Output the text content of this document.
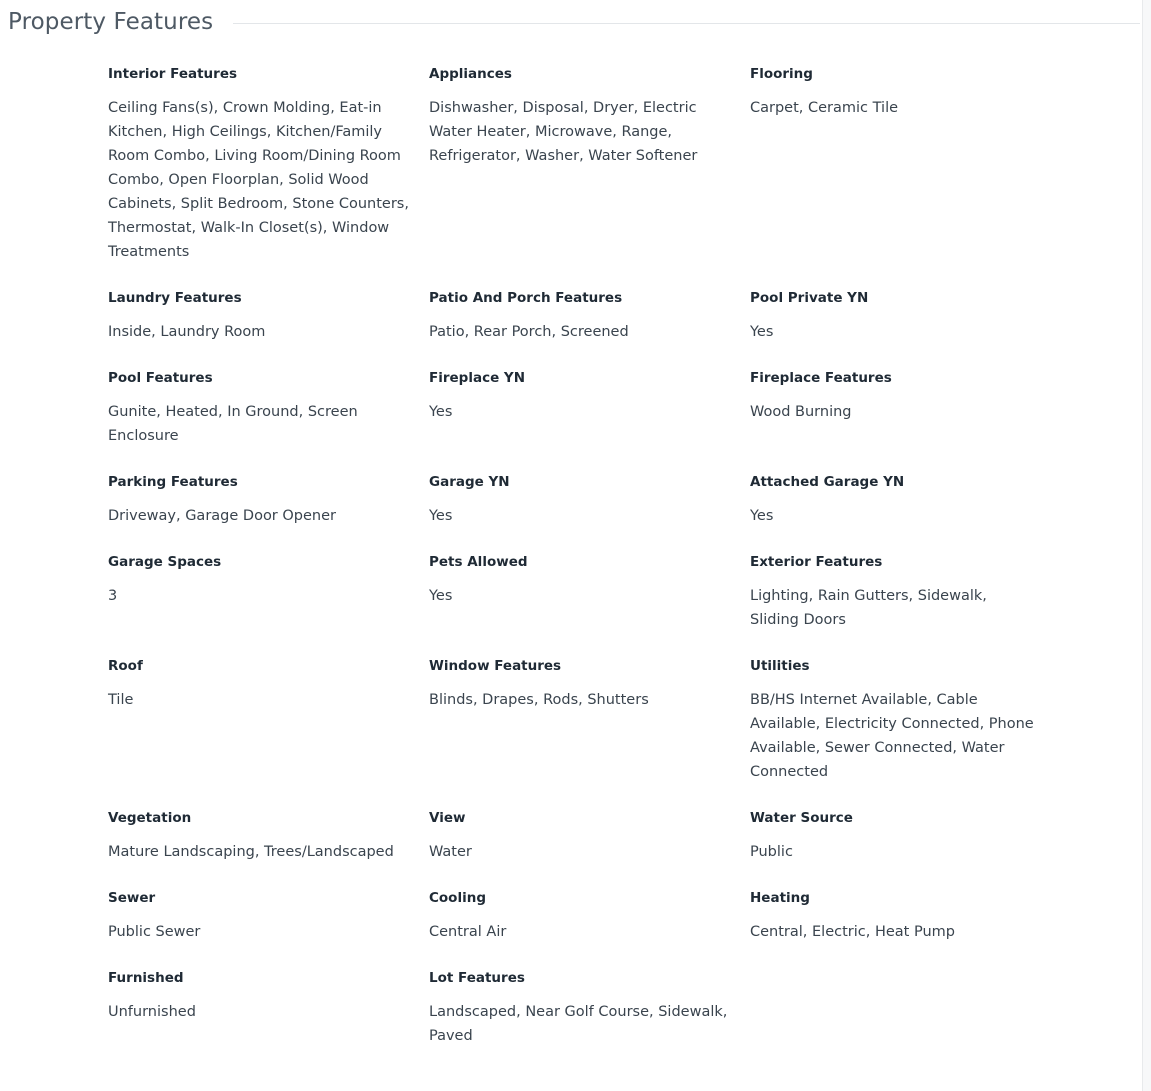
Property Features
Interior Features
Ceiling Fans(s), Crown Molding, Eat-in Kitchen, High Ceilings, Kitchen/Family Room Combo, Living Room/Dining Room Combo, Open Floorplan, Solid Wood Cabinets, Split Bedroom, Stone Counters, Thermostat, Walk-In Closet(s), Window Treatments
Appliances
Dishwasher, Disposal, Dryer, Electric Water Heater, Microwave, Range, Refrigerator, Washer, Water Softener
Flooring
Carpet, Ceramic Tile
Laundry Features
Inside, Laundry Room
Patio And Porch Features
Patio, Rear Porch, Screened
Pool Private YN
Yes
Pool Features
Gunite, Heated, In Ground, Screen Enclosure
Fireplace YN
Yes
Fireplace Features
Wood Burning
Parking Features
Driveway, Garage Door Opener
Garage YN
Yes
Attached Garage YN
Yes
Garage Spaces
3
Pets Allowed
Yes
Exterior Features
Lighting, Rain Gutters, Sidewalk, Sliding Doors
Roof
Tile
Window Features
Blinds, Drapes, Rods, Shutters
Utilities
BB/HS Internet Available, Cable Available, Electricity Connected, Phone Available, Sewer Connected, Water Connected
Vegetation
Mature Landscaping, Trees/Landscaped
View
Water
Water Source
Public
Sewer
Public Sewer
Cooling
Central Air
Heating
Central, Electric, Heat Pump
Furnished
Unfurnished
Lot Features
Landscaped, Near Golf Course, Sidewalk, Paved
